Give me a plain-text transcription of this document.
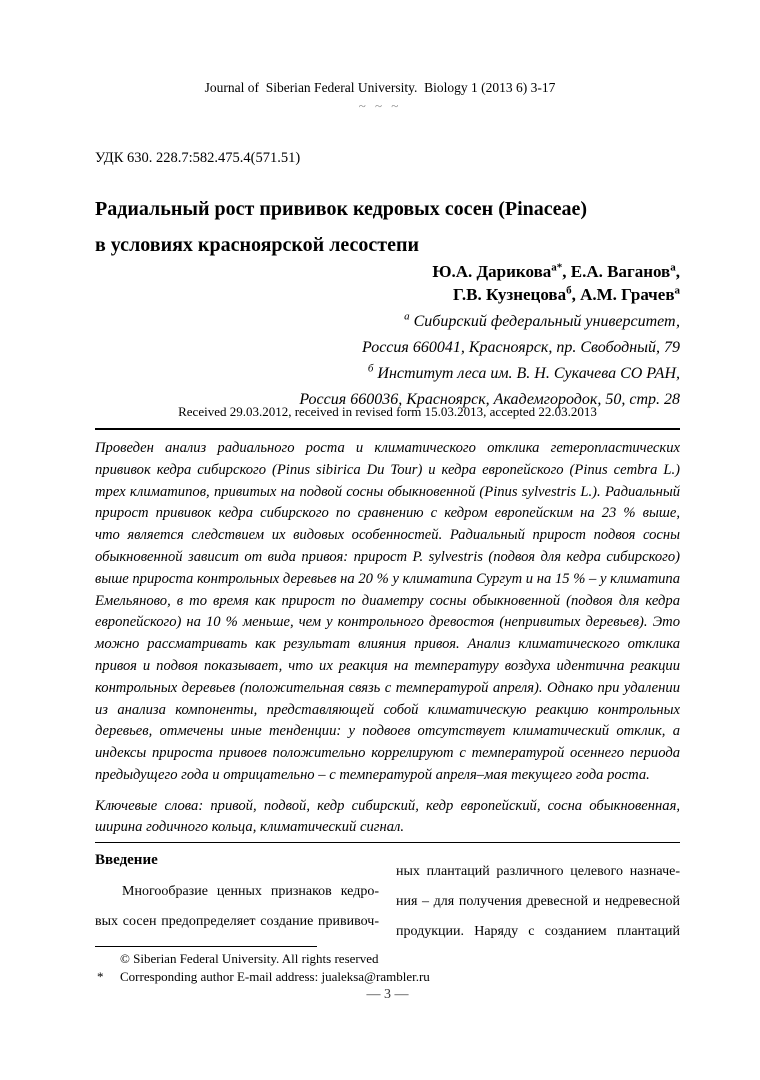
Journal of  Siberian Federal University.  Biology 1 (2013 6) 3-17
~ ~ ~
УДК 630. 228.7:582.475.4(571.51)
Радиальный рост прививок кедровых сосен (Pinaceae)
в условиях красноярской лесостепи
Ю.А. Дарикова$^{а*}$, Е.А. Ваганов$^а$,
Г.В. Кузнецова$^б$, А.М. Грачев$^а$
$^а$ Сибирский федеральный университет,
Россия 660041, Красноярск, пр. Свободный, 79
$^б$ Институт леса им. В. Н. Сукачева СО РАН,
Россия 660036, Красноярск, Академгородок, 50, стр. 28
Received 29.03.2012, received in revised form 15.03.2013, accepted 22.03.2013
Проведен анализ радиального роста и климатического отклика гетеропластических
прививок кедра сибирского (Pinus sibirica Du Tour) и кедра европейского (Pinus cembra L.)
трех климатипов, привитых на подвой сосны обыкновенной (Pinus sylvestris L.). Радиальный
прирост прививок кедра сибирского по сравнению с кедром европейским на 23 % выше,
что является следствием их видовых особенностей. Радиальный прирост подвоя сосны
обыкновенной зависит от вида привоя: прирост P. sylvestris (подвоя для кедра сибирского)
выше прироста контрольных деревьев на 20 % у климатипа Сургут и на 15 % – у климатипа
Емельяново, в то время как прирост по диаметру сосны обыкновенной (подвоя для кедра
европейского) на 10 % меньше, чем у контрольного древостоя (непривитых деревьев). Это
можно рассматривать как результат влияния привоя. Анализ климатического отклика
привоя и подвоя показывает, что их реакция на температуру воздуха идентична реакции
контрольных деревьев (положительная связь с температурой апреля). Однако при удалении
из анализа компоненты, представляющей собой климатическую реакцию контрольных
деревьев, отмечены иные тенденции: у подвоев отсутствует климатический отклик, а
индексы прироста привоев положительно коррелируют с температурой осеннего периода
предыдущего года и отрицательно – с температурой апреля–мая текущего года роста.
Ключевые слова: привой, подвой, кедр сибирский, кедр европейский, сосна обыкновенная,
ширина годичного кольца, климатический сигнал.
Введение
Многообразие ценных признаков кедро-
вых сосен предопределяет создание прививоч-
ных плантаций различного целевого назначе-
ния – для получения древесной и недревесной
продукции. Наряду с созданием плантаций
© Siberian Federal University. All rights reserved
* Corresponding author E-mail address: jualeksa@rambler.ru
— 3 —
